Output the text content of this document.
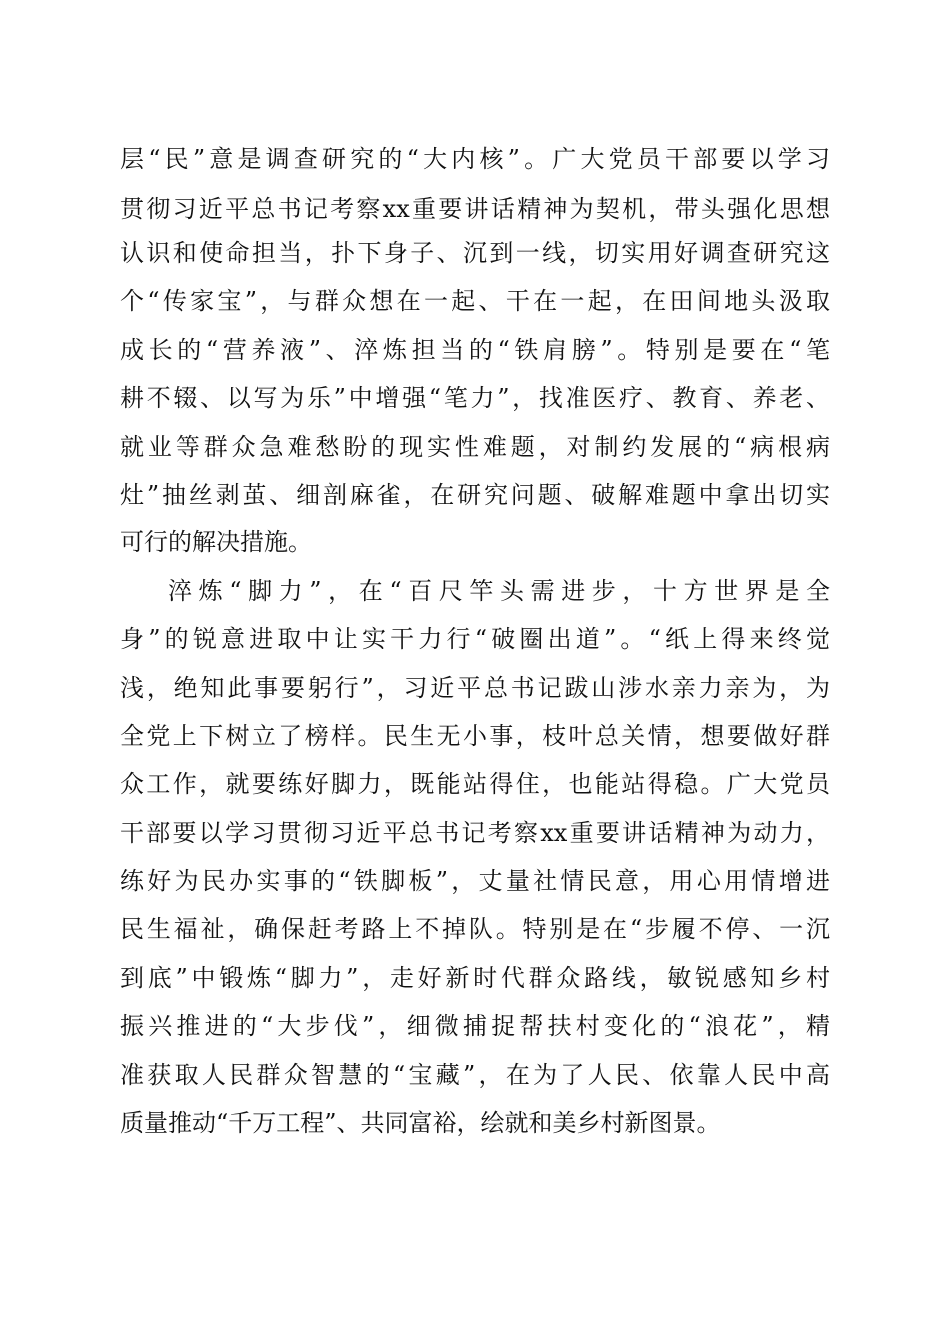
层“民”意是调查研究的“大内核”。广大党员干部要以学习
贯彻习近平总书记考察xx重要讲话精神为契机，带头强化思想
认识和使命担当，扑下身子、沉到一线，切实用好调查研究这
个“传家宝”，与群众想在一起、干在一起，在田间地头汲取
成长的“营养液”、淬炼担当的“铁肩膀”。特别是要在“笔
耕不辍、以写为乐”中增强“笔力”，找准医疗、教育、养老、
就业等群众急难愁盼的现实性难题，对制约发展的“病根病
灶”抽丝剥茧、细剖麻雀，在研究问题、破解难题中拿出切实
可行的解决措施。
淬炼“脚力”，在“百尺竿头需进步，十方世界是全
身”的锐意进取中让实干力行“破圈出道”。“纸上得来终觉
浅，绝知此事要躬行”，习近平总书记跋山涉水亲力亲为，为
全党上下树立了榜样。民生无小事，枝叶总关情，想要做好群
众工作，就要练好脚力，既能站得住，也能站得稳。广大党员
干部要以学习贯彻习近平总书记考察xx重要讲话精神为动力，
练好为民办实事的“铁脚板”，丈量社情民意，用心用情增进
民生福祉，确保赶考路上不掉队。特别是在“步履不停、一沉
到底”中锻炼“脚力”，走好新时代群众路线，敏锐感知乡村
振兴推进的“大步伐”，细微捕捉帮扶村变化的“浪花”，精
准获取人民群众智慧的“宝藏”，在为了人民、依靠人民中高
质量推动“千万工程”、共同富裕，绘就和美乡村新图景。
